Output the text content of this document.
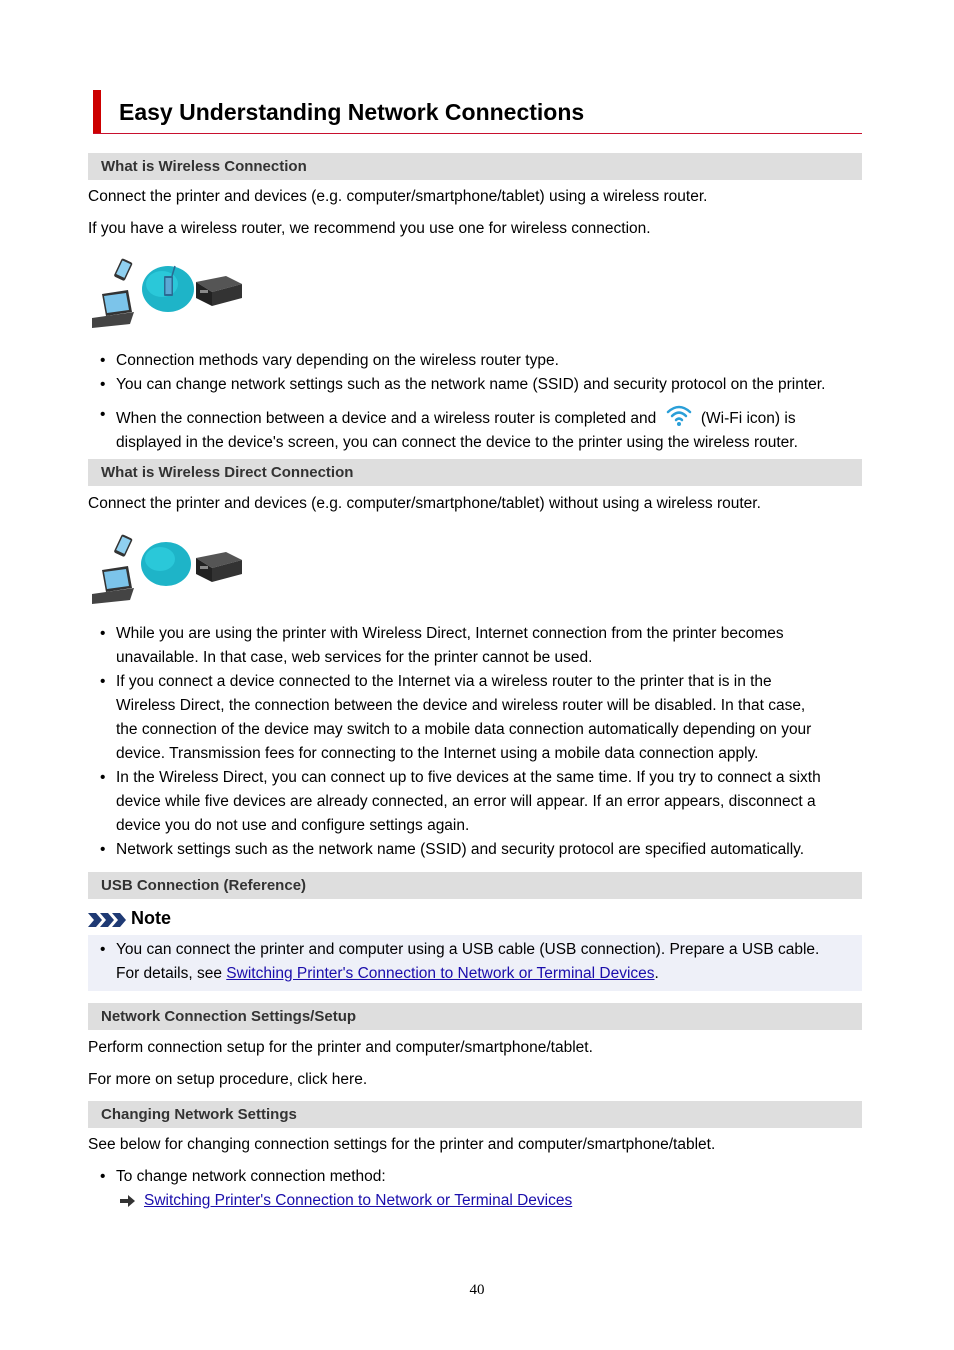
Easy Understanding Network Connections
What is Wireless Connection
Connect the printer and devices (e.g. computer/smartphone/tablet) using a wireless router.
If you have a wireless router, we recommend you use one for wireless connection.
• Connection methods vary depending on the wireless router type.
• You can change network settings such as the network name (SSID) and security protocol on the printer.
• When the connection between a device and a wireless router is completed and	(Wi-Fi icon) is
displayed in the device's screen, you can connect the device to the printer using the wireless router.
What is Wireless Direct Connection
Connect the printer and devices (e.g. computer/smartphone/tablet) without using a wireless router.
• While you are using the printer with Wireless Direct, Internet connection from the printer becomes
unavailable. In that case, web services for the printer cannot be used.
• If you connect a device connected to the Internet via a wireless router to the printer that is in the
Wireless Direct, the connection between the device and wireless router will be disabled. In that case,
the connection of the device may switch to a mobile data connection automatically depending on your
device. Transmission fees for connecting to the Internet using a mobile data connection apply.
• In the Wireless Direct, you can connect up to five devices at the same time. If you try to connect a sixth
device while five devices are already connected, an error will appear. If an error appears, disconnect a
device you do not use and configure settings again.
• Network settings such as the network name (SSID) and security protocol are specified automatically.
USB Connection (Reference)
Note
• You can connect the printer and computer using a USB cable (USB connection). Prepare a USB cable.
For details, see Switching Printer's Connection to Network or Terminal Devices.
Network Connection Settings/Setup
Perform connection setup for the printer and computer/smartphone/tablet.
For more on setup procedure, click here.
Changing Network Settings
See below for changing connection settings for the printer and computer/smartphone/tablet.
• To change network connection method:
Switching Printer's Connection to Network or Terminal Devices
40
